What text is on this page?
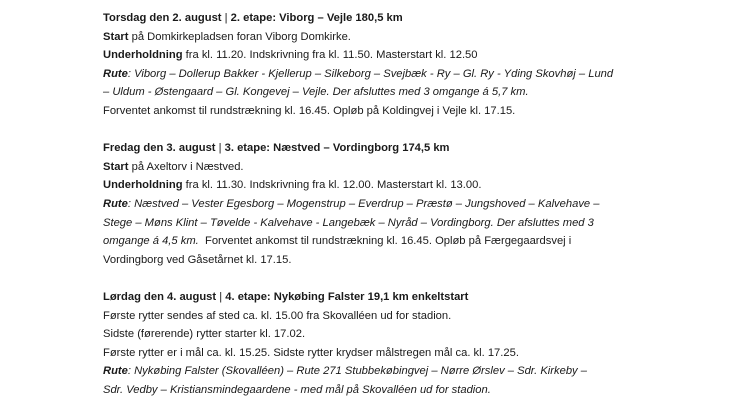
Torsdag den 2. august | 2. etape: Viborg – Vejle 180,5 km
Start på Domkirkepladsen foran Viborg Domkirke.
Underholdning fra kl. 11.20. Indskrivning fra kl. 11.50. Masterstart kl. 12.50
Rute: Viborg – Dollerup Bakker - Kjellerup – Silkeborg – Svejbæk - Ry – Gl. Ry - Yding Skovhøj – Lund
– Uldum - Østengaard – Gl. Kongevej – Vejle. Der afsluttes med 3 omgange á 5,7 km.
Forventet ankomst til rundstrækning kl. 16.45. Opløb på Koldingvej i Vejle kl. 17.15.
Fredag den 3. august | 3. etape: Næstved – Vordingborg 174,5 km
Start på Axeltorv i Næstved.
Underholdning fra kl. 11.30. Indskrivning fra kl. 12.00. Masterstart kl. 13.00.
Rute: Næstved – Vester Egesborg – Mogenstrup – Everdrup – Præstø – Jungshoved – Kalvehave –
Stege – Møns Klint – Tøvelde - Kalvehave - Langebæk – Nyråd – Vordingborg. Der afsluttes med 3
omgange á 4,5 km.  Forventet ankomst til rundstrækning kl. 16.45. Opløb på Færgegaardsvej i
Vordingborg ved Gåsetårnet kl. 17.15.
Lørdag den 4. august | 4. etape: Nykøbing Falster 19,1 km enkeltstart
Første rytter sendes af sted ca. kl. 15.00 fra Skovalléen ud for stadion.
Sidste (førerende) rytter starter kl. 17.02.
Første rytter er i mål ca. kl. 15.25. Sidste rytter krydser målstregen mål ca. kl. 17.25.
Rute: Nykøbing Falster (Skovalléen) – Rute 271 Stubbekøbingvej – Nørre Ørslev – Sdr. Kirkeby –
Sdr. Vedby – Kristiansmindegaardene - med mål på Skovalléen ud for stadion.
